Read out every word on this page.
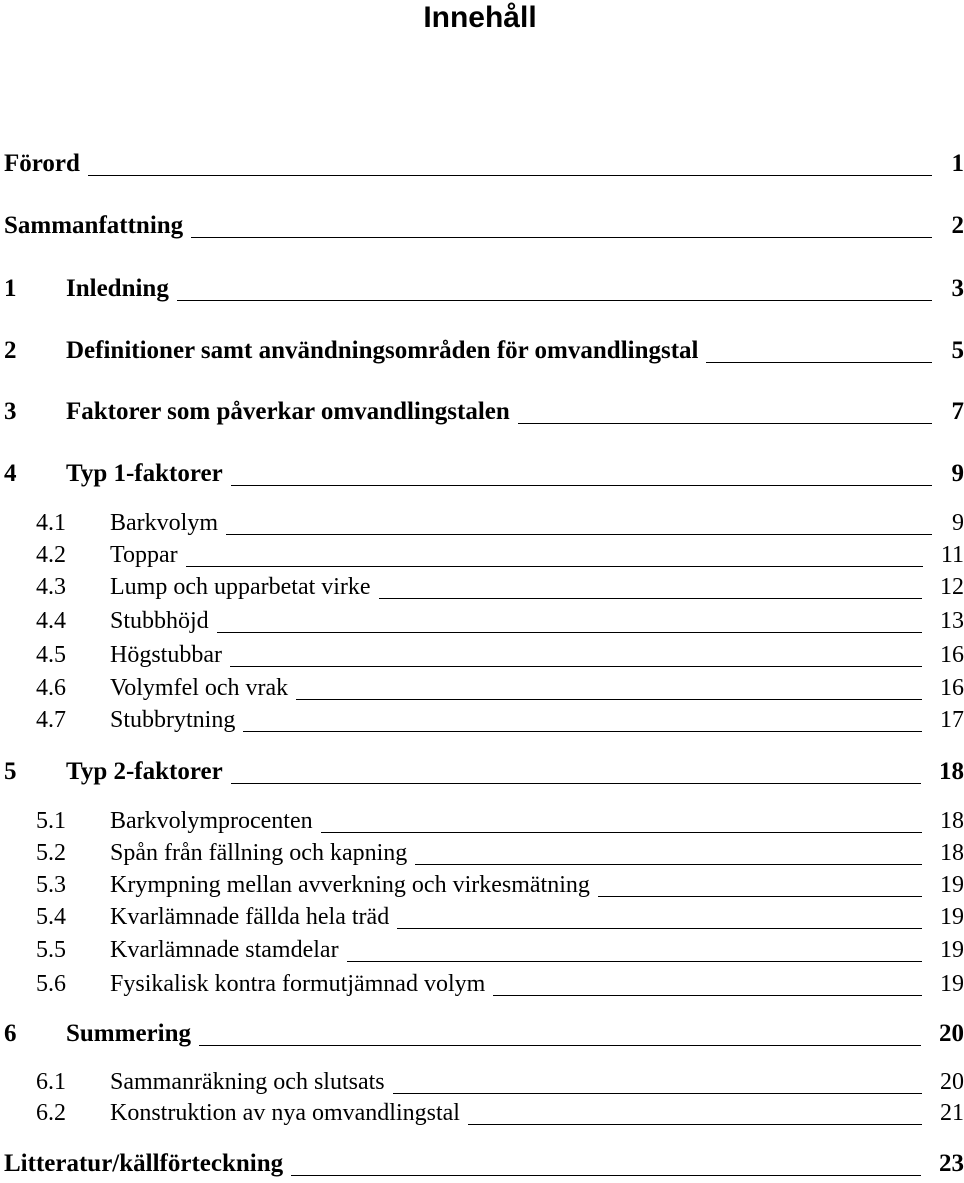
Innehåll
Förord	1
Sammanfattning	2
1	Inledning	3
2	Definitioner samt användningsområden för omvandlingstal	5
3	Faktorer som påverkar omvandlingstalen	7
4	Typ 1-faktorer	9
4.1	Barkvolym	9
4.2	Toppar	11
4.3	Lump och upparbetat virke	12
4.4	Stubbhöjd	13
4.5	Högstubbar	16
4.6	Volymfel och vrak	16
4.7	Stubbrytning	17
5	Typ 2-faktorer	18
5.1	Barkvolymprocenten	18
5.2	Spån från fällning och kapning	18
5.3	Krympning mellan avverkning och virkesmätning	19
5.4	Kvarlämnade fällda hela träd	19
5.5	Kvarlämnade stamdelar	19
5.6	Fysikalisk kontra formutjämnad volym	19
6	Summering	20
6.1	Sammanräkning och slutsats	20
6.2	Konstruktion av nya omvandlingstal	21
Litteratur/källförteckning	23
